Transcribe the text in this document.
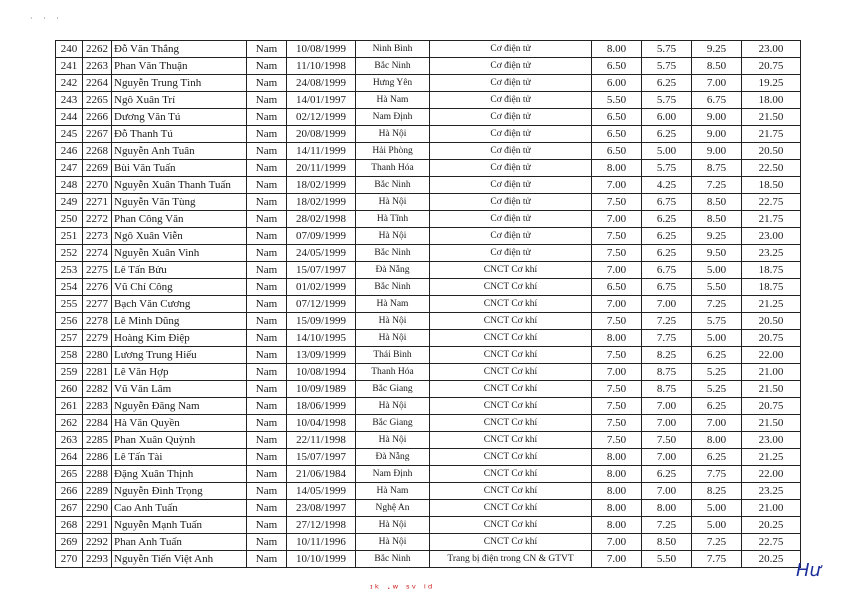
· · ·
240	2262	Đỗ Văn Thắng	Nam	10/08/1999	Ninh Bình	Cơ điện tử	8.00	5.75	9.25	23.00
241	2263	Phan Văn Thuận	Nam	11/10/1998	Bắc Ninh	Cơ điện tử	6.50	5.75	8.50	20.75
242	2264	Nguyễn Trung Tình	Nam	24/08/1999	Hưng Yên	Cơ điện tử	6.00	6.25	7.00	19.25
243	2265	Ngô Xuân Trí	Nam	14/01/1997	Hà Nam	Cơ điện tử	5.50	5.75	6.75	18.00
244	2266	Dương Văn Tú	Nam	02/12/1999	Nam Định	Cơ điện tử	6.50	6.00	9.00	21.50
245	2267	Đỗ Thanh Tú	Nam	20/08/1999	Hà Nội	Cơ điện tử	6.50	6.25	9.00	21.75
246	2268	Nguyễn Anh Tuân	Nam	14/11/1999	Hải Phòng	Cơ điện tử	6.50	5.00	9.00	20.50
247	2269	Bùi Văn Tuấn	Nam	20/11/1999	Thanh Hóa	Cơ điện tử	8.00	5.75	8.75	22.50
248	2270	Nguyễn Xuân Thanh Tuấn	Nam	18/02/1999	Bắc Ninh	Cơ điện tử	7.00	4.25	7.25	18.50
249	2271	Nguyễn Văn Tùng	Nam	18/02/1999	Hà Nội	Cơ điện tử	7.50	6.75	8.50	22.75
250	2272	Phan Công Văn	Nam	28/02/1998	Hà Tĩnh	Cơ điện tử	7.00	6.25	8.50	21.75
251	2273	Ngô Xuân Viễn	Nam	07/09/1999	Hà Nội	Cơ điện tử	7.50	6.25	9.25	23.00
252	2274	Nguyễn Xuân Vinh	Nam	24/05/1999	Bắc Ninh	Cơ điện tử	7.50	6.25	9.50	23.25
253	2275	Lê Tấn Bửu	Nam	15/07/1997	Đà Nẵng	CNCT Cơ khí	7.00	6.75	5.00	18.75
254	2276	Vũ Chí Công	Nam	01/02/1999	Bắc Ninh	CNCT Cơ khí	6.50	6.75	5.50	18.75
255	2277	Bạch Văn Cương	Nam	07/12/1999	Hà Nam	CNCT Cơ khí	7.00	7.00	7.25	21.25
256	2278	Lê Minh Dũng	Nam	15/09/1999	Hà Nội	CNCT Cơ khí	7.50	7.25	5.75	20.50
257	2279	Hoàng Kim Điệp	Nam	14/10/1995	Hà Nội	CNCT Cơ khí	8.00	7.75	5.00	20.75
258	2280	Lương Trung Hiếu	Nam	13/09/1999	Thái Bình	CNCT Cơ khí	7.50	8.25	6.25	22.00
259	2281	Lê Văn Hợp	Nam	10/08/1994	Thanh Hóa	CNCT Cơ khí	7.00	8.75	5.25	21.00
260	2282	Vũ Văn Lâm	Nam	10/09/1989	Bắc Giang	CNCT Cơ khí	7.50	8.75	5.25	21.50
261	2283	Nguyễn Đăng Nam	Nam	18/06/1999	Hà Nội	CNCT Cơ khí	7.50	7.00	6.25	20.75
262	2284	Hà Văn Quyền	Nam	10/04/1998	Bắc Giang	CNCT Cơ khí	7.50	7.00	7.00	21.50
263	2285	Phan Xuân Quỳnh	Nam	22/11/1998	Hà Nội	CNCT Cơ khí	7.50	7.50	8.00	23.00
264	2286	Lê Tấn Tài	Nam	15/07/1997	Đà Nẵng	CNCT Cơ khí	8.00	7.00	6.25	21.25
265	2288	Đặng Xuân Thịnh	Nam	21/06/1984	Nam Định	CNCT Cơ khí	8.00	6.25	7.75	22.00
266	2289	Nguyễn Đình Trọng	Nam	14/05/1999	Hà Nam	CNCT Cơ khí	8.00	7.00	8.25	23.25
267	2290	Cao Anh Tuấn	Nam	23/08/1997	Nghệ An	CNCT Cơ khí	8.00	8.00	5.00	21.00
268	2291	Nguyễn Mạnh Tuấn	Nam	27/12/1998	Hà Nội	CNCT Cơ khí	8.00	7.25	5.00	20.25
269	2292	Phan Anh Tuấn	Nam	10/11/1996	Hà Nội	CNCT Cơ khí	7.00	8.50	7.25	22.75
270	2293	Nguyễn Tiến Việt Anh	Nam	10/10/1999	Bắc Ninh	Trang bị điện trong CN & GTVT	7.00	5.50	7.75	20.25
Hư
ᶦᵏ ·ʷ ˢᵛ ⁱᵈ
